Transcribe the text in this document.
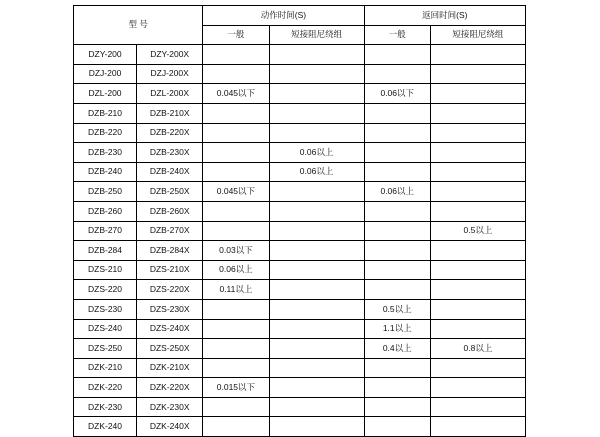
型 号		动作时间(S)		返回时间(S)	
		一般	短接阻尼绕组	一般	短接阻尼绕组
DZY-200	DZY-200X				
DZJ-200	DZJ-200X				
DZL-200	DZL-200X	0.045以下		0.06以下	
DZB-210	DZB-210X				
DZB-220	DZB-220X				
DZB-230	DZB-230X		0.06以上		
DZB-240	DZB-240X		0.06以上		
DZB-250	DZB-250X	0.045以下		0.06以上	
DZB-260	DZB-260X				
DZB-270	DZB-270X				0.5以上
DZB-284	DZB-284X	0.03以下			
DZS-210	DZS-210X	0.06以上			
DZS-220	DZS-220X	0.11以上			
DZS-230	DZS-230X			0.5以上	
DZS-240	DZS-240X			1.1以上	
DZS-250	DZS-250X			0.4以上	0.8以上
DZK-210	DZK-210X				
DZK-220	DZK-220X	0.015以下			
DZK-230	DZK-230X				
DZK-240	DZK-240X				
